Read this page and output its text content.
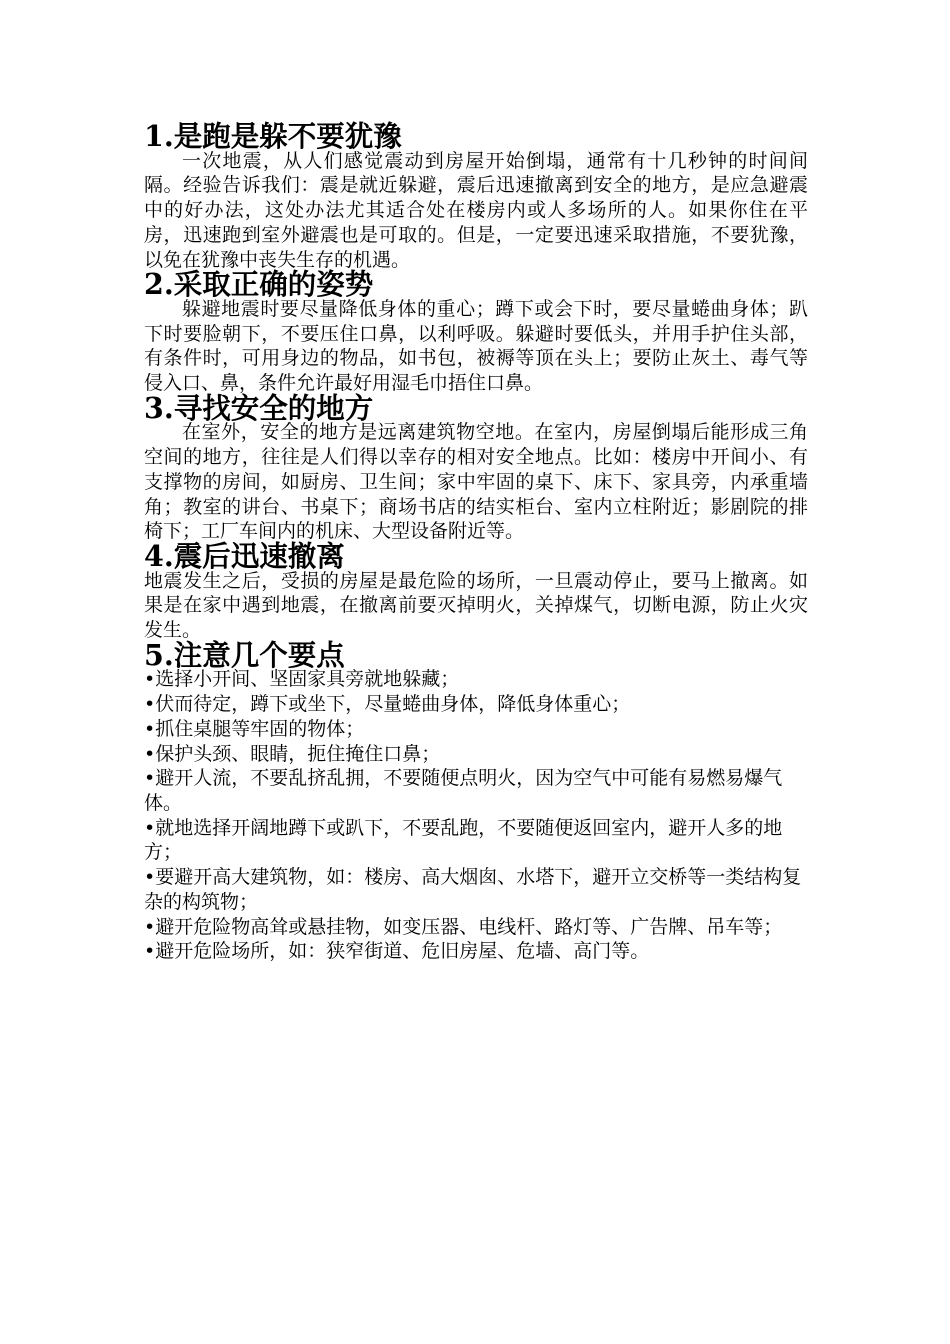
1.是跑是躲不要犹豫

一次地震，从人们感觉震动到房屋开始倒塌，通常有十几秒钟的时间间隔。经验告诉我们：震是就近躲避，震后迅速撤离到安全的地方，是应急避震中的好办法，这处办法尤其适合处在楼房内或人多场所的人。如果你住在平房，迅速跑到室外避震也是可取的。但是，一定要迅速采取措施，不要犹豫，以免在犹豫中丧失生存的机遇。

2.采取正确的姿势

躲避地震时要尽量降低身体的重心；蹲下或会下时，要尽量蜷曲身体；趴下时要脸朝下，不要压住口鼻，以利呼吸。躲避时要低头，并用手护住头部，有条件时，可用身边的物品，如书包，被褥等顶在头上；要防止灰土、毒气等侵入口、鼻，条件允许最好用湿毛巾捂住口鼻。

3.寻找安全的地方

在室外，安全的地方是远离建筑物空地。在室内，房屋倒塌后能形成三角空间的地方，往往是人们得以幸存的相对安全地点。比如：楼房中开间小、有支撑物的房间，如厨房、卫生间；家中牢固的桌下、床下、家具旁，内承重墙角；教室的讲台、书桌下；商场书店的结实柜台、室内立柱附近；影剧院的排椅下；工厂车间内的机床、大型设备附近等。

4.震后迅速撤离

地震发生之后，受损的房屋是最危险的场所，一旦震动停止，要马上撤离。如果是在家中遇到地震，在撤离前要灭掉明火，关掉煤气，切断电源，防止火灾发生。

5.注意几个要点

•选择小开间、坚固家具旁就地躲藏；

•伏而待定，蹲下或坐下，尽量蜷曲身体，降低身体重心；

•抓住桌腿等牢固的物体；

•保护头颈、眼睛，扼住掩住口鼻；

•避开人流，不要乱挤乱拥，不要随便点明火，因为空气中可能有易燃易爆气体。

•就地选择开阔地蹲下或趴下，不要乱跑，不要随便返回室内，避开人多的地方；

•要避开高大建筑物，如：楼房、高大烟囱、水塔下，避开立交桥等一类结构复杂的构筑物；

•避开危险物高耸或悬挂物，如变压器、电线杆、路灯等、广告牌、吊车等；

•避开危险场所，如：狭窄街道、危旧房屋、危墙、高门等。
